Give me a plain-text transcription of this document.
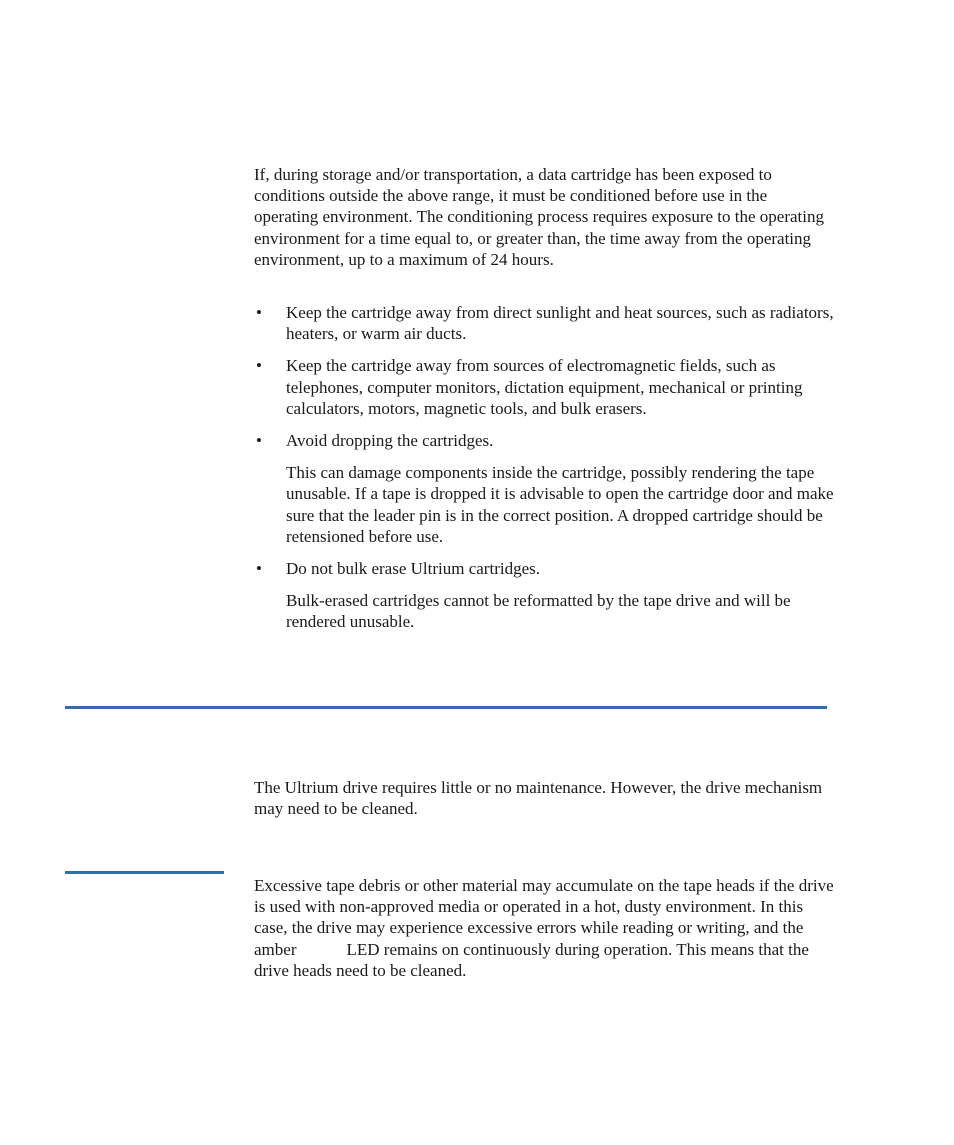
If, during storage and/or transportation, a data cartridge has been exposed to conditions outside the above range, it must be conditioned before use in the operating environment. The conditioning process requires exposure to the operating environment for a time equal to, or greater than, the time away from the operating environment, up to a maximum of 24 hours.

• Keep the cartridge away from direct sunlight and heat sources, such as radiators, heaters, or warm air ducts.
• Keep the cartridge away from sources of electromagnetic fields, such as telephones, computer monitors, dictation equipment, mechanical or printing calculators, motors, magnetic tools, and bulk erasers.
• Avoid dropping the cartridges.
This can damage components inside the cartridge, possibly rendering the tape unusable. If a tape is dropped it is advisable to open the cartridge door and make sure that the leader pin is in the correct position. A dropped cartridge should be retensioned before use.
• Do not bulk erase Ultrium cartridges.
Bulk-erased cartridges cannot be reformatted by the tape drive and will be rendered unusable.

The Ultrium drive requires little or no maintenance. However, the drive mechanism may need to be cleaned.

Excessive tape debris or other material may accumulate on the tape heads if the drive is used with non-approved media or operated in a hot, dusty environment. In this case, the drive may experience excessive errors while reading or writing, and the amber	LED remains on continuously during operation. This means that the drive heads need to be cleaned.
